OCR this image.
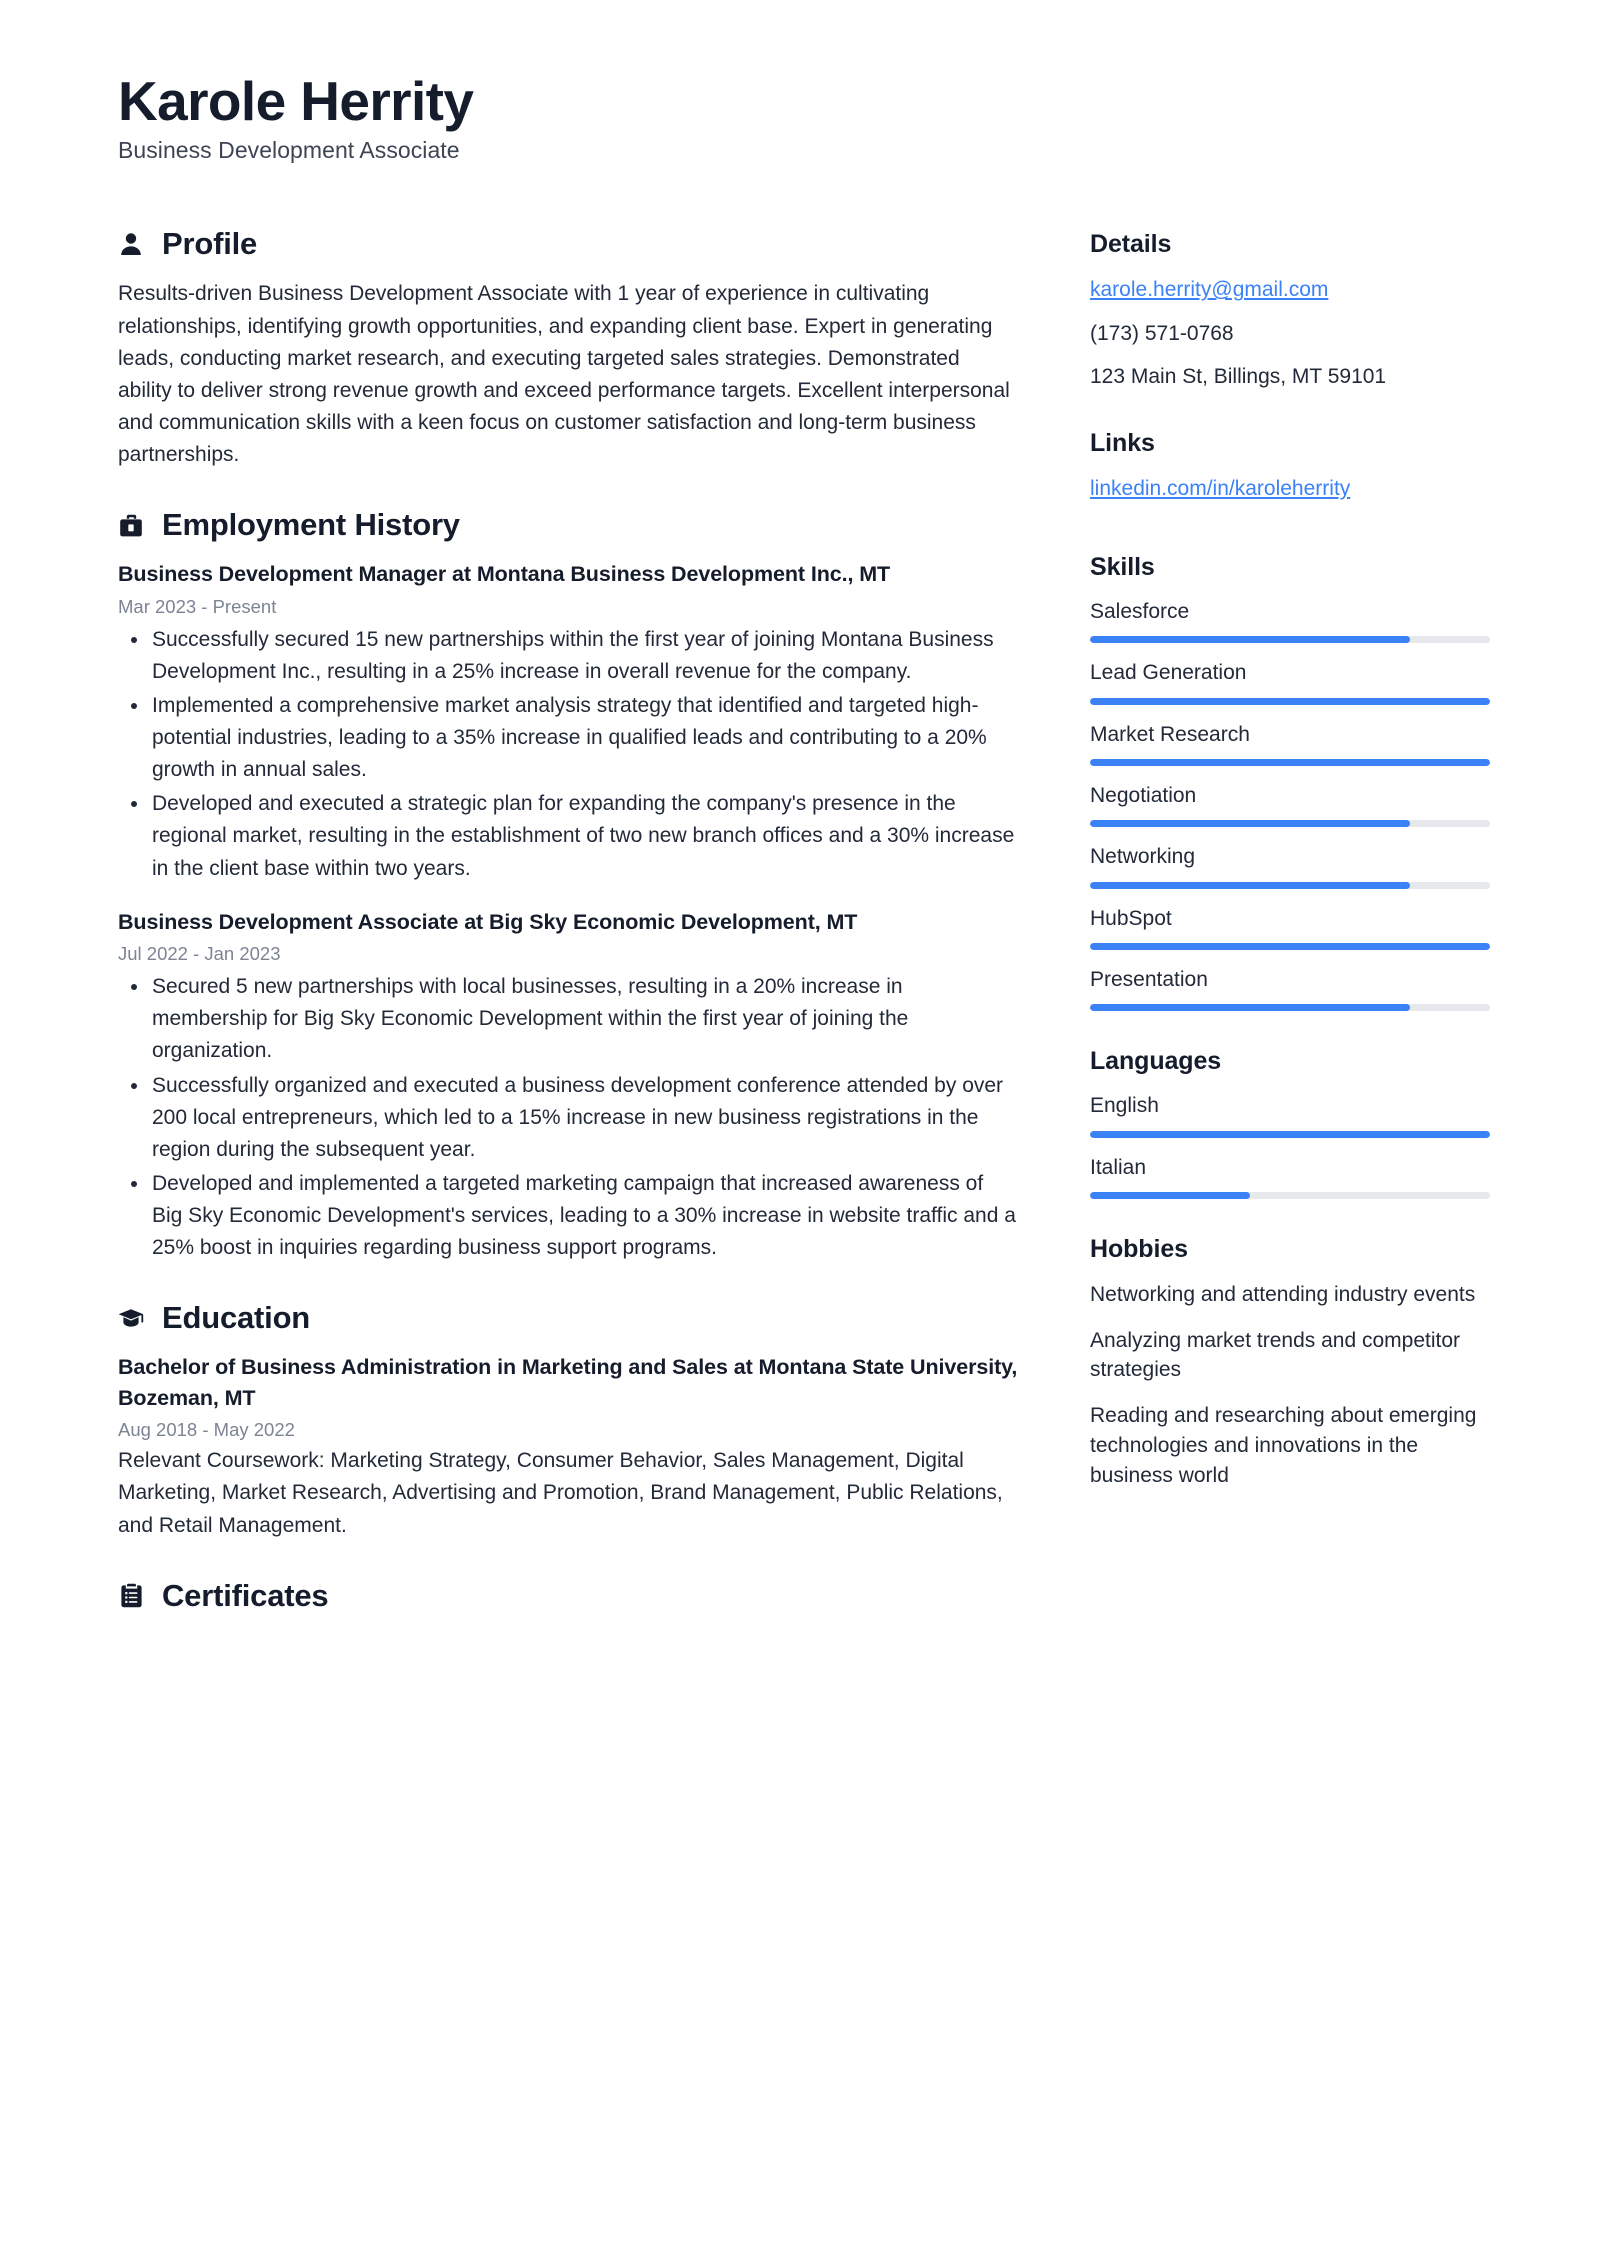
Karole Herrity
Business Development Associate
Profile
Results-driven Business Development Associate with 1 year of experience in cultivating relationships, identifying growth opportunities, and expanding client base. Expert in generating leads, conducting market research, and executing targeted sales strategies. Demonstrated ability to deliver strong revenue growth and exceed performance targets. Excellent interpersonal and communication skills with a keen focus on customer satisfaction and long-term business partnerships.
Employment History
Business Development Manager at Montana Business Development Inc., MT
Mar 2023 - Present
Successfully secured 15 new partnerships within the first year of joining Montana Business Development Inc., resulting in a 25% increase in overall revenue for the company.
Implemented a comprehensive market analysis strategy that identified and targeted high-potential industries, leading to a 35% increase in qualified leads and contributing to a 20% growth in annual sales.
Developed and executed a strategic plan for expanding the company's presence in the regional market, resulting in the establishment of two new branch offices and a 30% increase in the client base within two years.
Business Development Associate at Big Sky Economic Development, MT
Jul 2022 - Jan 2023
Secured 5 new partnerships with local businesses, resulting in a 20% increase in membership for Big Sky Economic Development within the first year of joining the organization.
Successfully organized and executed a business development conference attended by over 200 local entrepreneurs, which led to a 15% increase in new business registrations in the region during the subsequent year.
Developed and implemented a targeted marketing campaign that increased awareness of Big Sky Economic Development's services, leading to a 30% increase in website traffic and a 25% boost in inquiries regarding business support programs.
Education
Bachelor of Business Administration in Marketing and Sales at Montana State University, Bozeman, MT
Aug 2018 - May 2022
Relevant Coursework: Marketing Strategy, Consumer Behavior, Sales Management, Digital Marketing, Market Research, Advertising and Promotion, Brand Management, Public Relations, and Retail Management.
Certificates
Details
karole.herrity@gmail.com
(173) 571-0768
123 Main St, Billings, MT 59101
Links
linkedin.com/in/karoleherrity
Skills
Salesforce
Lead Generation
Market Research
Negotiation
Networking
HubSpot
Presentation
Languages
English
Italian
Hobbies
Networking and attending industry events
Analyzing market trends and competitor strategies
Reading and researching about emerging technologies and innovations in the business world
